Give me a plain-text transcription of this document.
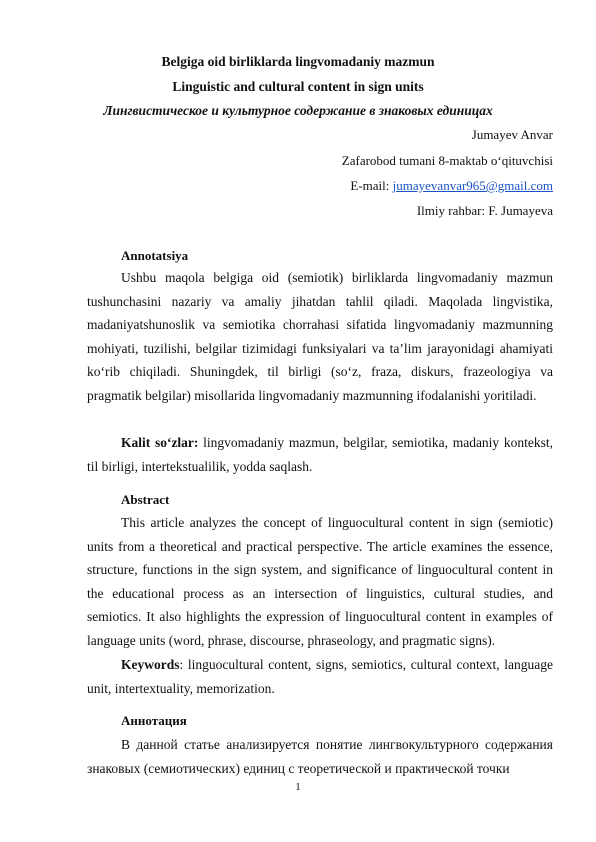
Belgiga oid birliklarda lingvomadaniy mazmun
Linguistic and cultural content in sign units
Лингвистическое и культурное содержание в знаковых единицах
Jumayev Anvar
Zafarobod tumani 8-maktab o‘qituvchisi
E-mail: jumayevanvar965@gmail.com
Ilmiy rahbar: F. Jumayeva
Annotatsiya

Ushbu maqola belgiga oid (semiotik) birliklarda lingvomadaniy mazmun tushunchasini nazariy va amaliy jihatdan tahlil qiladi. Maqolada lingvistika, madaniyatshunoslik va semiotika chorrahasi sifatida lingvomadaniy mazmunning mohiyati, tuzilishi, belgilar tizimidagi funksiyalari va ta’lim jarayonidagi ahamiyati ko‘rib chiqiladi. Shuningdek, til birligi (so‘z, fraza, diskurs, frazeologiya va pragmatik belgilar) misollarida lingvomadaniy mazmunning ifodalanishi yoritiladi.

Kalit so‘zlar: lingvomadaniy mazmun, belgilar, semiotika, madaniy kontekst, til birligi, intertekstualilik, yodda saqlash.

Abstract

This article analyzes the concept of linguocultural content in sign (semiotic) units from a theoretical and practical perspective. The article examines the essence, structure, functions in the sign system, and significance of linguocultural content in the educational process as an intersection of linguistics, cultural studies, and semiotics. It also highlights the expression of linguocultural content in examples of language units (word, phrase, discourse, phraseology, and pragmatic signs).

Keywords: linguocultural content, signs, semiotics, cultural context, language unit, intertextuality, memorization.

Аннотация

В данной статье анализируется понятие лингвокультурного содержания знаковых (семиотических) единиц с теоретической и практической точки

1
